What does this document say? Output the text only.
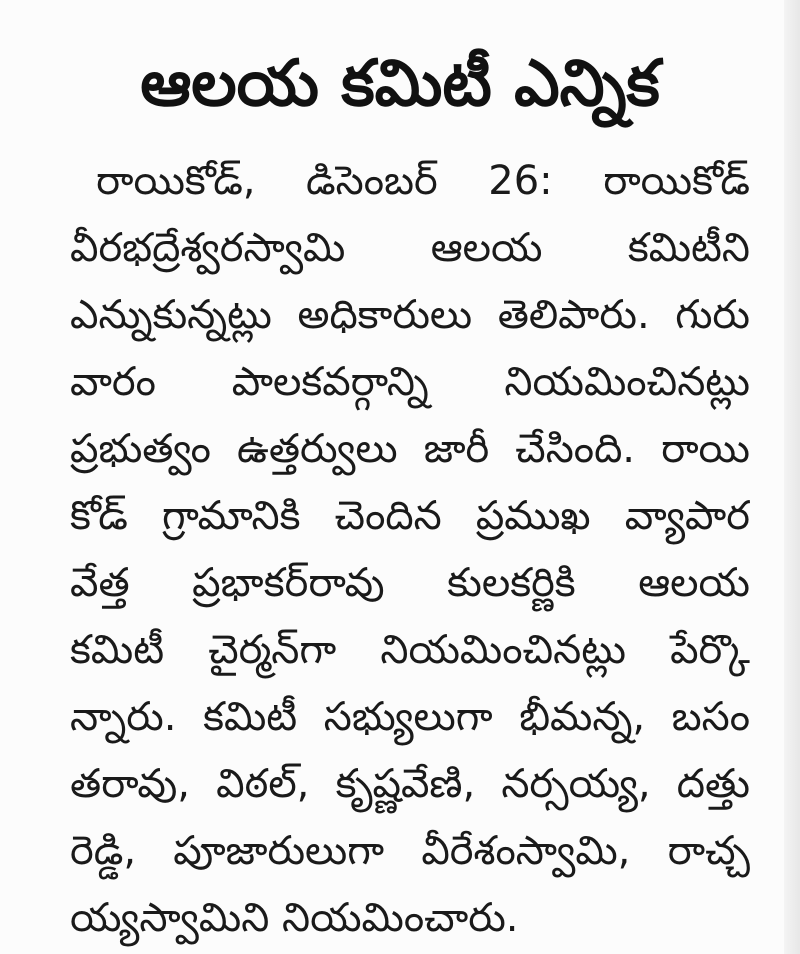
ఆలయ కమిటీ ఎన్నిక
రాయికోడ్, డిసెంబర్ 26: రాయికోడ్
వీరభద్రేశ్వరస్వామి ఆలయ కమిటీని
ఎన్నుకున్నట్లు అధికారులు తెలిపారు. గురు
వారం పాలకవర్గాన్ని నియమించినట్లు
ప్రభుత్వం ఉత్తర్వులు జారీ చేసింది. రాయి
కోడ్ గ్రామానికి చెందిన ప్రముఖ వ్యాపార
వేత్త ప్రభాకర్‌రావు కులకర్ణికి ఆలయ
కమిటీ చైర్మన్‌గా నియమించినట్లు పేర్కొ
న్నారు. కమిటీ సభ్యులుగా భీమన్న, బసం
తరావు, విఠల్, కృష్ణవేణి, నర్సయ్య, దత్తు
రెడ్డి, పూజారులుగా వీరేశంస్వామి, రాచ్చ
య్యస్వామిని నియమించారు.
